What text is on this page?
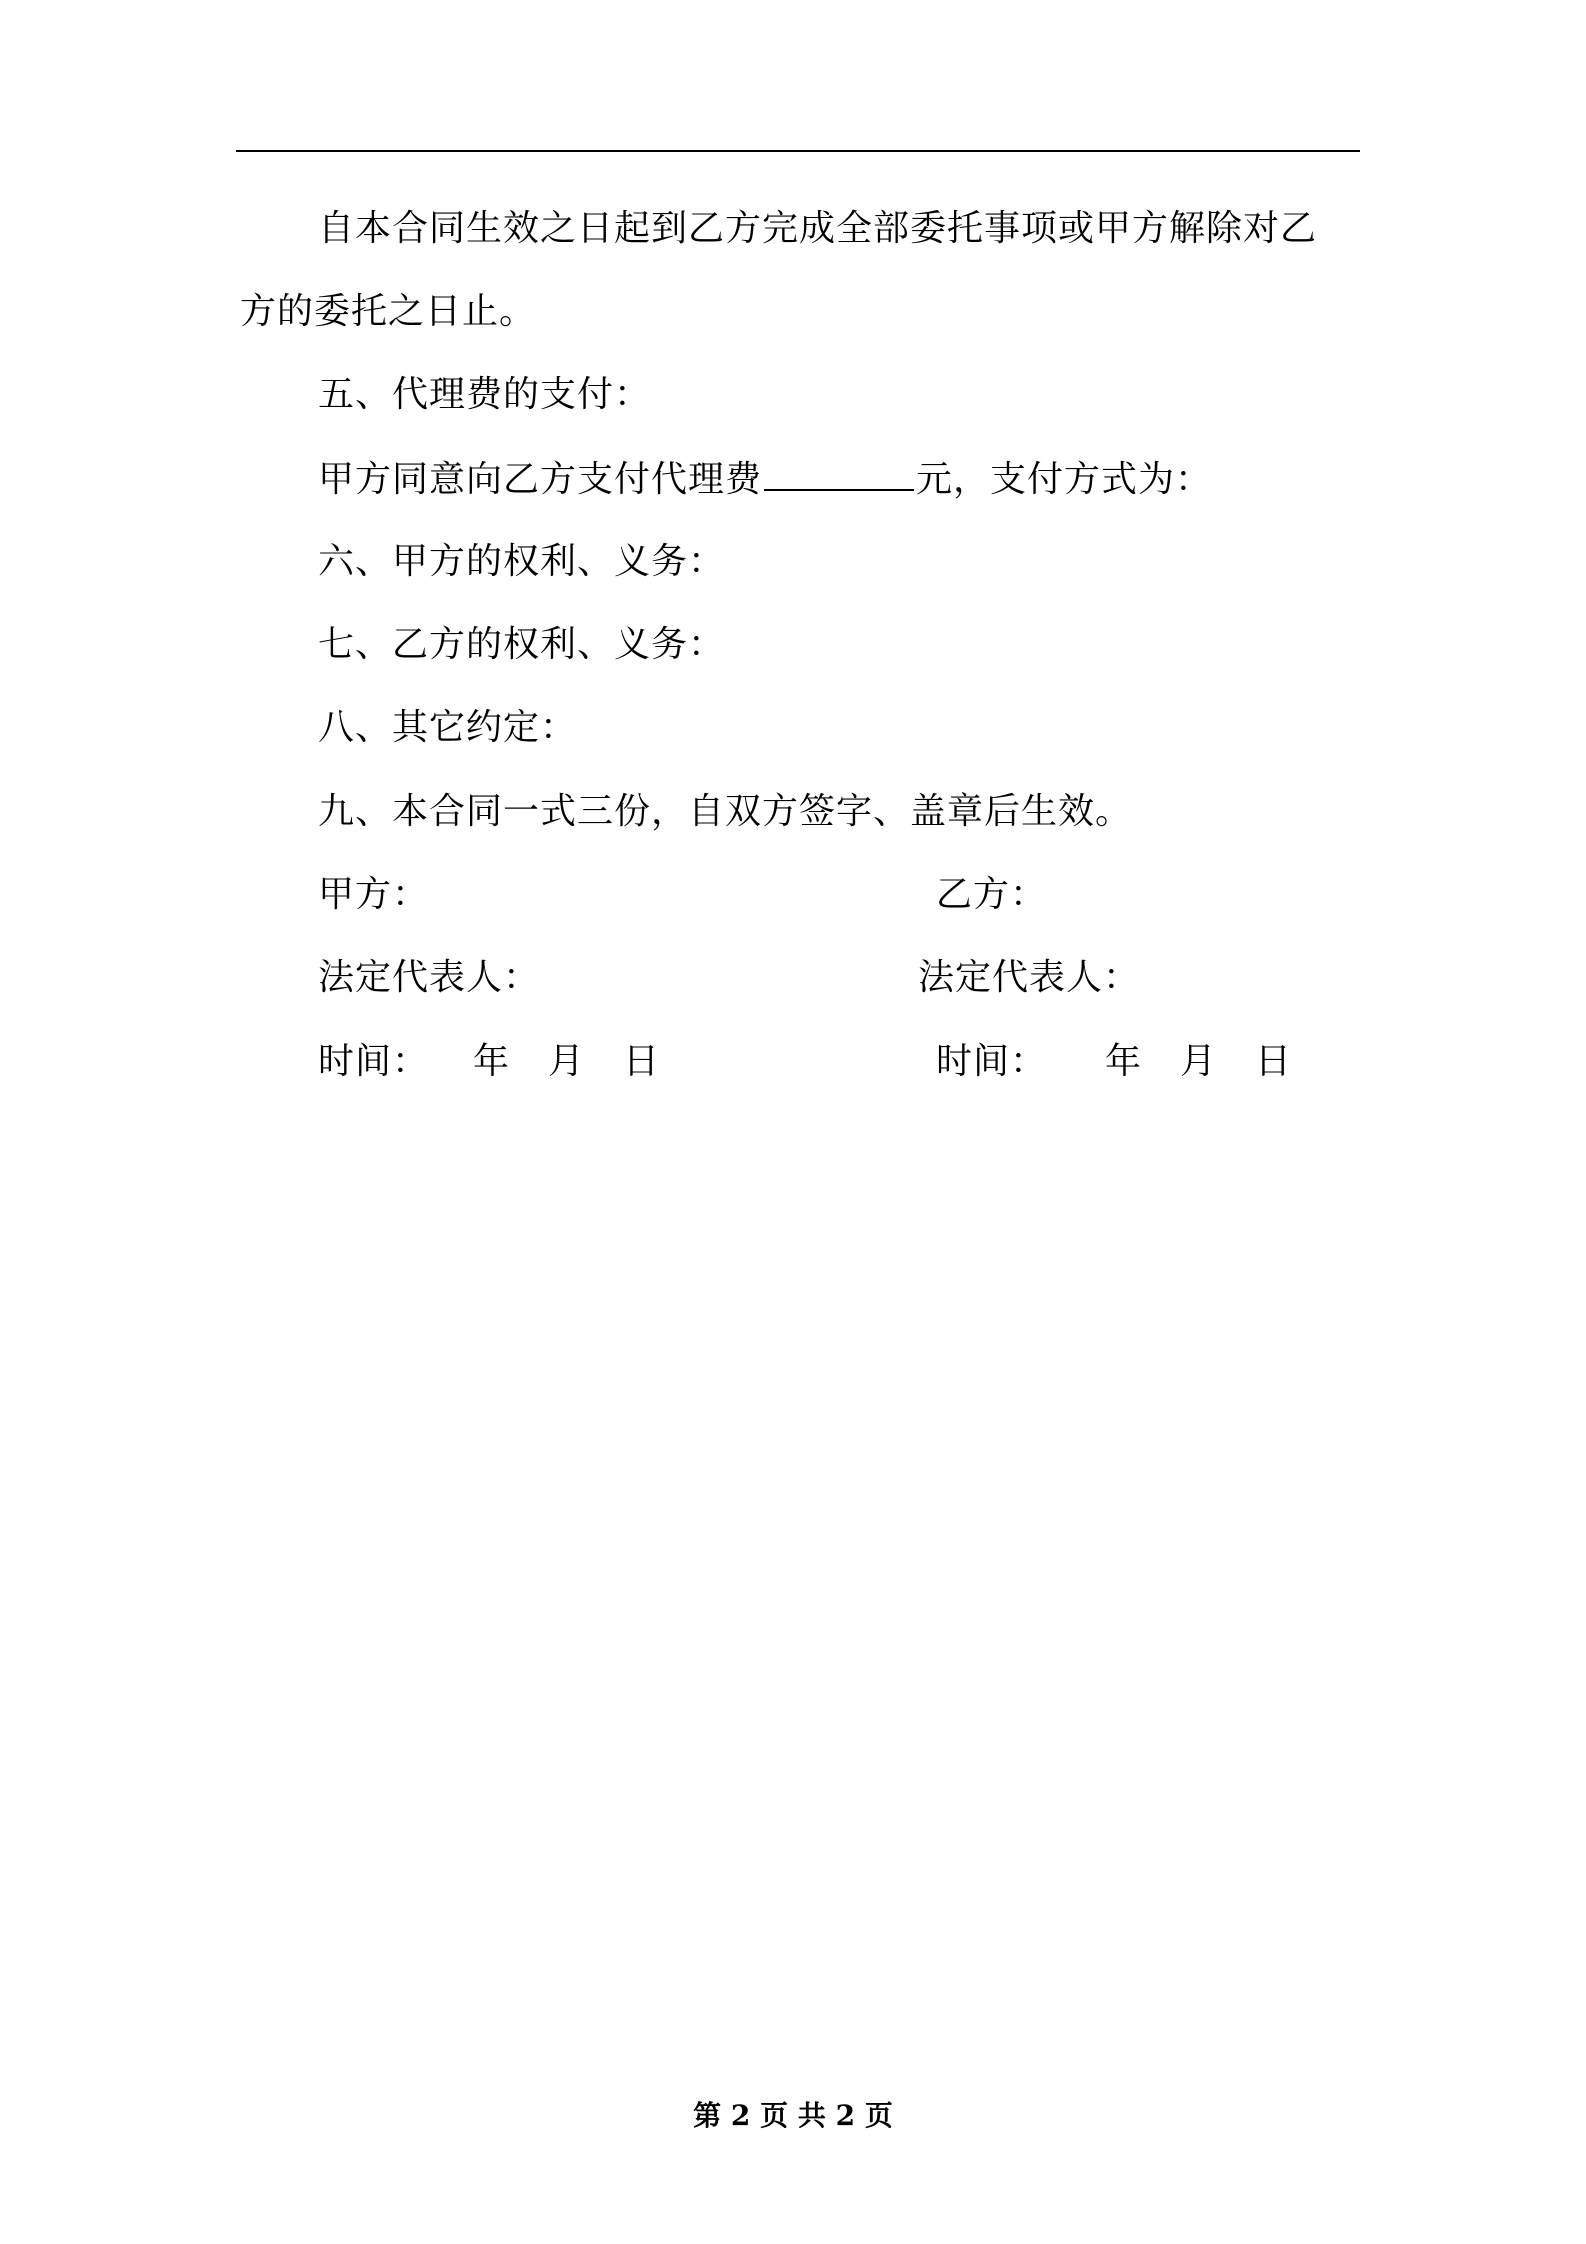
自本合同生效之日起到乙方完成全部委托事项或甲方解除对乙
方的委托之日止。
五、代理费的支付：
甲方同意向乙方支付代理费	元，支付方式为：
六、甲方的权利、义务：
七、乙方的权利、义务：
八、其它约定：
九、本合同一式三份，自双方签字、盖章后生效。
甲方：	乙方：
法定代表人：	法定代表人：
时间： 年 月 日	时间： 年 月 日
第 2 页 共 2 页
